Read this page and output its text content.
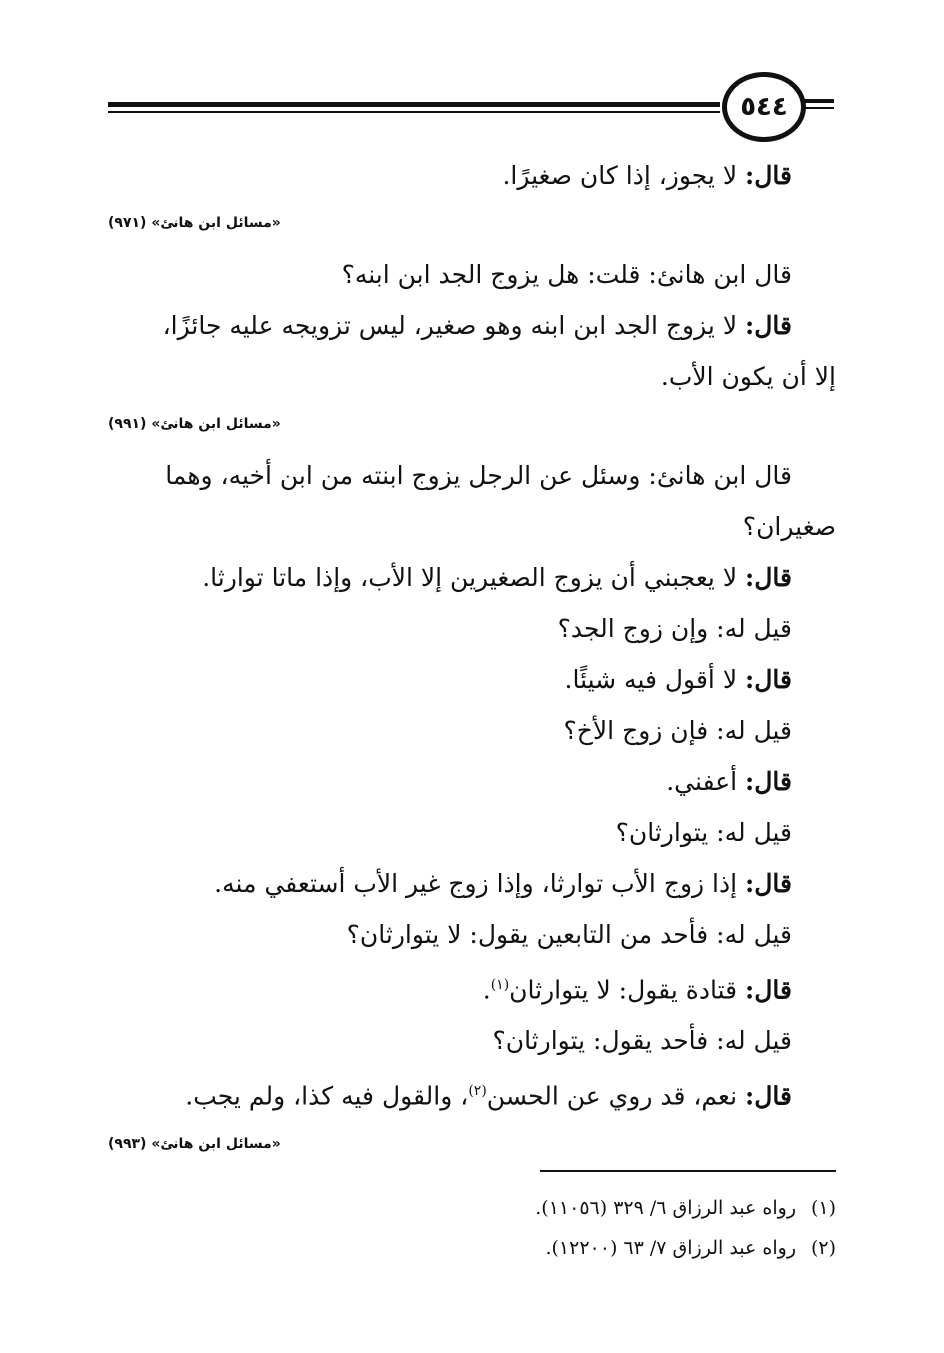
٥٤٤
قال: لا يجوز، إذا كان صغيرًا.
«مسائل ابن هانئ» (٩٧١)
قال ابن هانئ: قلت: هل يزوج الجد ابن ابنه؟
قال: لا يزوج الجد ابن ابنه وهو صغير، ليس تزويجه عليه جائزًا،
إلا أن يكون الأب.
«مسائل ابن هانئ» (٩٩١)
قال ابن هانئ: وسئل عن الرجل يزوج ابنته من ابن أخيه، وهما
صغيران؟
قال: لا يعجبني أن يزوج الصغيرين إلا الأب، وإذا ماتا توارثا.
قيل له: وإن زوج الجد؟
قال: لا أقول فيه شيئًا.
قيل له: فإن زوج الأخ؟
قال: أعفني.
قيل له: يتوارثان؟
قال: إذا زوج الأب توارثا، وإذا زوج غير الأب أستعفي منه.
قيل له: فأحد من التابعين يقول: لا يتوارثان؟
قال: قتادة يقول: لا يتوارثان$^{(١)}$.
قيل له: فأحد يقول: يتوارثان؟
قال: نعم، قد روي عن الحسن$^{(٢)}$، والقول فيه كذا، ولم يجب.
«مسائل ابن هانئ» (٩٩٣)
(١)رواه عبد الرزاق ٦/ ٣٢٩ (١١٠٥٦).
(٢)رواه عبد الرزاق ٧/ ٦٣ (١٢٢٠٠).
